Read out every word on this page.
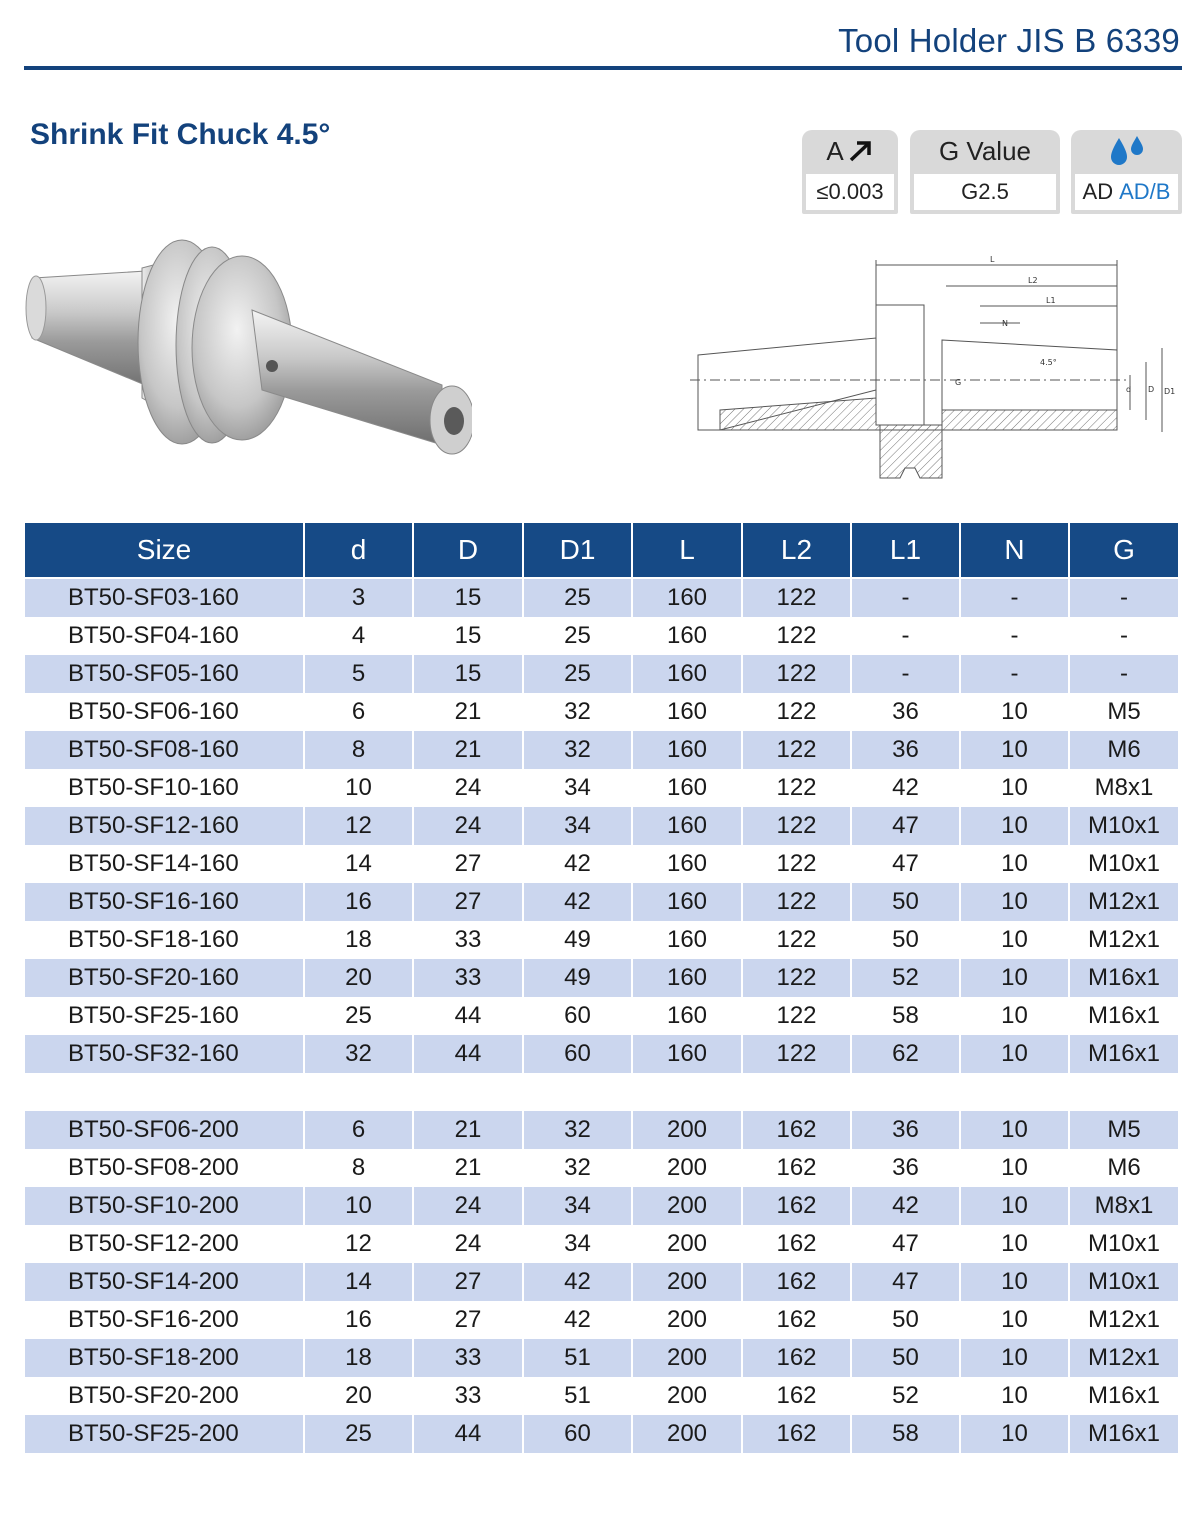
Tool Holder JIS B 6339
Shrink Fit Chuck 4.5°	A
≤0.003
G Value
G2.5	AD AD/B
L
L2
L1
N
4.5°
G
d D D1
Size	d	D	D1	L	L2	L1	N	G

BT50-SF03-160	3	15	25	160	122	-	-	-
BT50-SF04-160	4	15	25	160	122	-	-	-
BT50-SF05-160	5	15	25	160	122	-	-	-
BT50-SF06-160	6	21	32	160	122	36	10	M5
BT50-SF08-160	8	21	32	160	122	36	10	M6
BT50-SF10-160	10	24	34	160	122	42	10	M8x1
BT50-SF12-160	12	24	34	160	122	47	10	M10x1
BT50-SF14-160	14	27	42	160	122	47	10	M10x1
BT50-SF16-160	16	27	42	160	122	50	10	M12x1
BT50-SF18-160	18	33	49	160	122	50	10	M12x1
BT50-SF20-160	20	33	49	160	122	52	10	M16x1
BT50-SF25-160	25	44	60	160	122	58	10	M16x1
BT50-SF32-160	32	44	60	160	122	62	10	M16x1

BT50-SF06-200	6	21	32	200	162	36	10	M5
BT50-SF08-200	8	21	32	200	162	36	10	M6
BT50-SF10-200	10	24	34	200	162	42	10	M8x1
BT50-SF12-200	12	24	34	200	162	47	10	M10x1
BT50-SF14-200	14	27	42	200	162	47	10	M10x1
BT50-SF16-200	16	27	42	200	162	50	10	M12x1
BT50-SF18-200	18	33	51	200	162	50	10	M12x1
BT50-SF20-200	20	33	51	200	162	52	10	M16x1
BT50-SF25-200	25	44	60	200	162	58	10	M16x1
